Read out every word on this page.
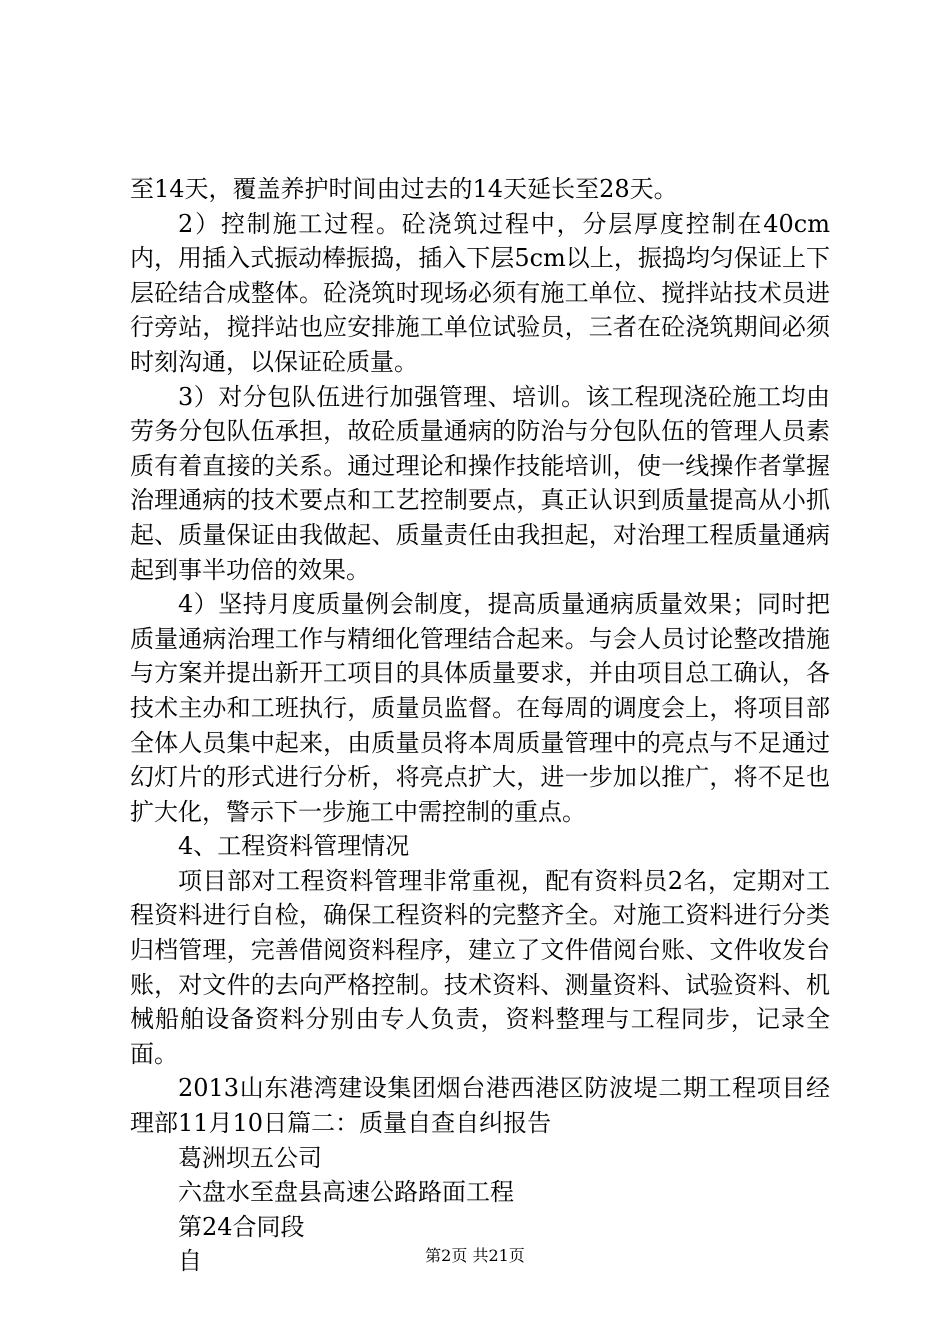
至14天，覆盖养护时间由过去的14天延长至28天。

2）控制施工过程。砼浇筑过程中，分层厚度控制在40cm内，用插入式振动棒振捣，插入下层5cm以上，振捣均匀保证上下层砼结合成整体。砼浇筑时现场必须有施工单位、搅拌站技术员进行旁站，搅拌站也应安排施工单位试验员，三者在砼浇筑期间必须时刻沟通，以保证砼质量。

3）对分包队伍进行加强管理、培训。该工程现浇砼施工均由劳务分包队伍承担，故砼质量通病的防治与分包队伍的管理人员素质有着直接的关系。通过理论和操作技能培训，使一线操作者掌握治理通病的技术要点和工艺控制要点，真正认识到质量提高从小抓起、质量保证由我做起、质量责任由我担起，对治理工程质量通病起到事半功倍的效果。

4）坚持月度质量例会制度，提高质量通病质量效果；同时把质量通病治理工作与精细化管理结合起来。与会人员讨论整改措施与方案并提出新开工项目的具体质量要求，并由项目总工确认，各技术主办和工班执行，质量员监督。在每周的调度会上，将项目部全体人员集中起来，由质量员将本周质量管理中的亮点与不足通过幻灯片的形式进行分析，将亮点扩大，进一步加以推广，将不足也扩大化，警示下一步施工中需控制的重点。

4、工程资料管理情况

项目部对工程资料管理非常重视，配有资料员2名，定期对工程资料进行自检，确保工程资料的完整齐全。对施工资料进行分类归档管理，完善借阅资料程序，建立了文件借阅台账、文件收发台账，对文件的去向严格控制。技术资料、测量资料、试验资料、机械船舶设备资料分别由专人负责，资料整理与工程同步，记录全面。

2013山东港湾建设集团烟台港西港区防波堤二期工程项目经理部11月10日篇二：质量自查自纠报告

葛洲坝五公司

六盘水至盘县高速公路路面工程

第24合同段

自	第2页 共21页
